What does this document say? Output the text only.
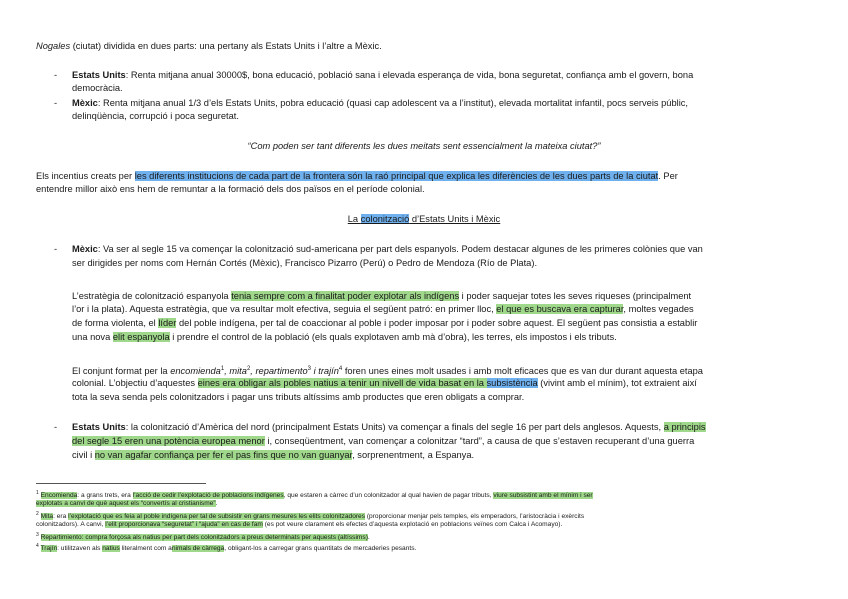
Nogales (ciutat) dividida en dues parts: una pertany als Estats Units i l’altre a Mèxic.
- Estats Units: Renta mitjana anual 30000$, bona educació, població sana i elevada esperança de vida, bona seguretat, confiança amb el govern, bona
democràcia.
- Mèxic: Renta mitjana anual 1/3 d’els Estats Units, pobra educació (quasi cap adolescent va a l’institut), elevada mortalitat infantil, pocs serveis públic,
delinqüència, corrupció i poca seguretat.
“Com poden ser tant diferents les dues meitats sent essencialment la mateixa ciutat?”
Els incentius creats per les diferents institucions de cada part de la frontera són la raó principal que explica les diferències de les dues parts de la ciutat. Per
entendre millor això ens hem de remuntar a la formació dels dos països en el període colonial.
La colonització d’Estats Units i Mèxic
- Mèxic: Va ser al segle 15 va començar la colonització sud-americana per part dels espanyols. Podem destacar algunes de les primeres colònies que van
ser dirigides per noms com Hernán Cortés (Mèxic), Francisco Pizarro (Perú) o Pedro de Mendoza (Río de Plata).
L’estratègia de colonització espanyola tenia sempre com a finalitat poder explotar als indígens i poder saquejar totes les seves riqueses (principalment
l’or i la plata). Aquesta estratègia, que va resultar molt efectiva, seguia el següent patró: en primer lloc, el que es buscava era capturar, moltes vegades
de forma violenta, el líder del poble indígena, per tal de coaccionar al poble i poder imposar por i poder sobre aquest. El següent pas consistia a establir
una nova elit espanyola i prendre el control de la població (els quals explotaven amb mà d’obra), les terres, els impostos i els tributs.
El conjunt format per la encomienda$^1$, mita$^2$, repartimento$^3$ i trajín$^4$ foren unes eines molt usades i amb molt eficaces que es van dur durant aquesta etapa
colonial. L’objectiu d’aquestes eines era obligar als pobles natius a tenir un nivell de vida basat en la subsistència (vivint amb el mínim), tot extraient així
tota la seva senda pels colonitzadors i pagar uns tributs altíssims amb productes que eren obligats a comprar.
- Estats Units: la colonització d’Amèrica del nord (principalment Estats Units) va començar a finals del segle 16 per part dels anglesos. Aquests, a principis
del segle 15 eren una potència europea menor i, conseqüentment, van començar a colonitzar “tard”, a causa de que s’estaven recuperant d’una guerra
civil i no van agafar confiança per fer el pas fins que no van guanyar, sorprenentment, a Espanya.
$^1$ Encomienda: a grans trets, era l’acció de cedir l’explotació de poblacions indígenes, que estaren a càrrec d’un colonitzador al qual havien de pagar tributs, viure subsistint amb el mínim i ser
explotats a canvi de què aquest els “convertís al cristianisme”.
$^2$ Mita: era l’explotació que es feia al poble indígena per tal de subsistir en grans mesures les elits colonitzadores (proporcionar menjar pels temples, els emperadors, l’aristocràcia i exèrcits
colonitzadors). A canvi, l’elit proporcionava “seguretat” i “ajuda” en cas de fam (es pot veure clarament els efectes d’aquesta explotació en poblacions veïnes com Calca i Acomayo).
$^3$ Repartimiento: compra forçosa als natius per part dels colonitzadors a preus determinats per aquests (altíssims).
$^4$ Trajín: utilitzaven als natius literalment com animals de càrrega, obligant-los a carregar grans quantitats de mercaderies pesants.
